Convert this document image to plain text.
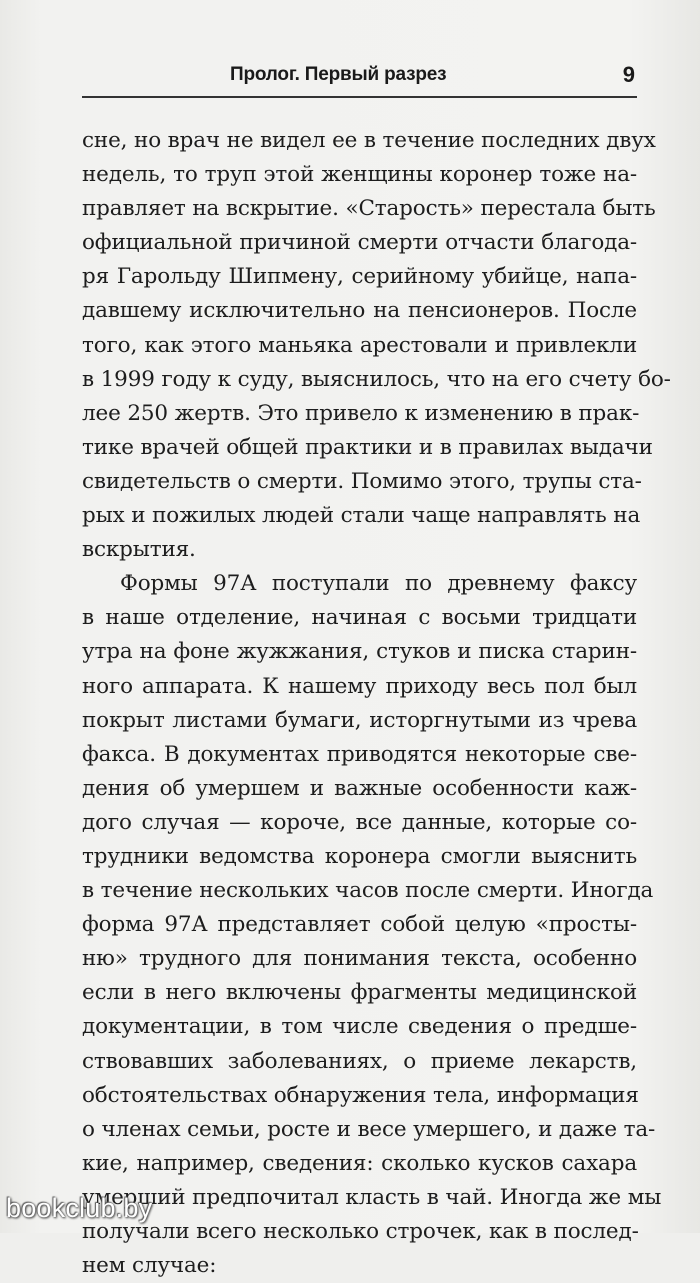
Пролог. Первый разрез	9
сне, но врач не видел ее в течение последних двух
недель, то труп этой женщины коронер тоже на-
правляет на вскрытие. «Старость» перестала быть
официальной причиной смерти отчасти благода-
ря Гарольду Шипмену, серийному убийце, напа-
давшему исключительно на пенсионеров. После
того, как этого маньяка арестовали и привлекли
в 1999 году к суду, выяснилось, что на его счету бо-
лее 250 жертв. Это привело к изменению в прак-
тике врачей общей практики и в правилах выдачи
свидетельств о смерти. Помимо этого, трупы ста-
рых и пожилых людей стали чаще направлять на
вскрытия.
Формы 97А поступали по древнему факсу
в наше отделение, начиная с восьми тридцати
утра на фоне жужжания, стуков и писка старин-
ного аппарата. К нашему приходу весь пол был
покрыт листами бумаги, исторгнутыми из чрева
факса. В документах приводятся некоторые све-
дения об умершем и важные особенности каж-
дого случая — короче, все данные, которые со-
трудники ведомства коронера смогли выяснить
в течение нескольких часов после смерти. Иногда
форма 97А представляет собой целую «просты-
ню» трудного для понимания текста, особенно
если в него включены фрагменты медицинской
документации, в том числе сведения о предше-
ствовавших заболеваниях, о приеме лекарств,
обстоятельствах обнаружения тела, информация
о членах семьи, росте и весе умершего, и даже та-
кие, например, сведения: сколько кусков сахара
умерший предпочитал класть в чай. Иногда же мы
получали всего несколько строчек, как в послед-
нем случае:
bookclub.by
